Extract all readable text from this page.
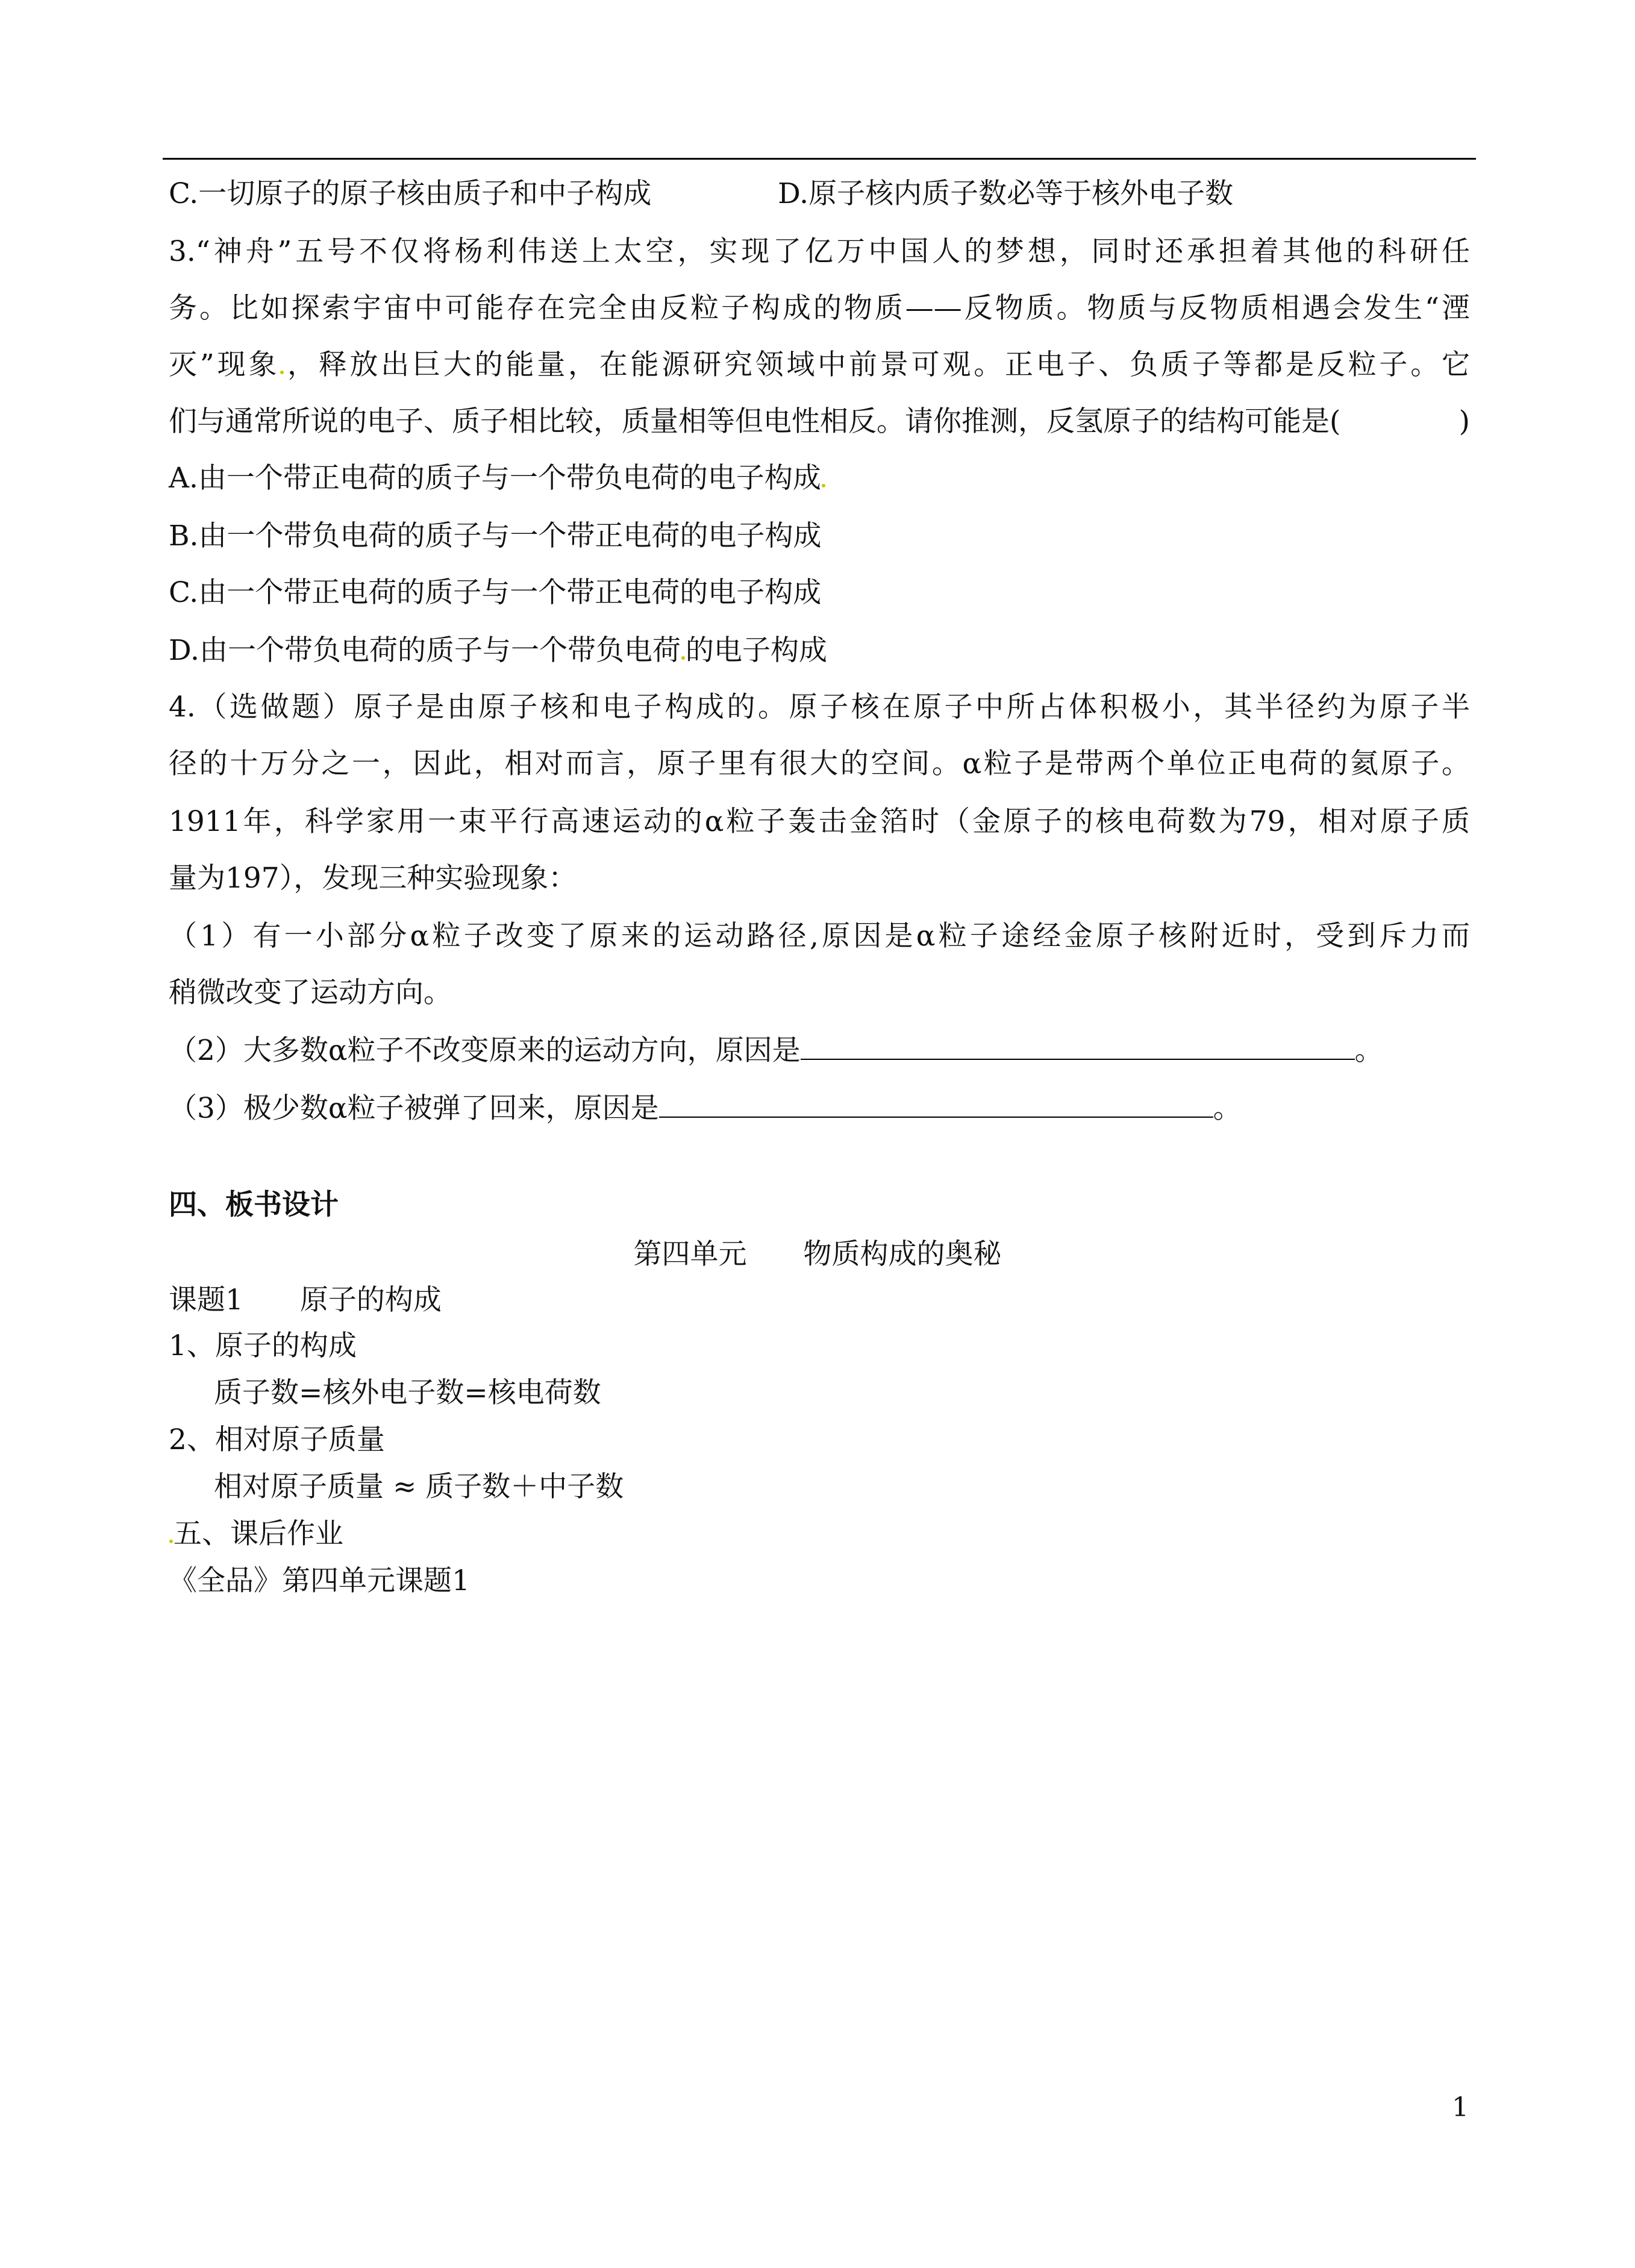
C.一切原子的原子核由质子和中子构成	D.原子核内质子数必等于核外电子数
3.“神舟”五号不仅将杨利伟送上太空，实现了亿万中国人的梦想，同时还承担着其他的科研任
务。比如探索宇宙中可能存在完全由反粒子构成的物质——反物质。物质与反物质相遇会发生“湮
灭”现象 ，释放出巨大的能量，在能源研究领域中前景可观。正电子、负质子等都是反粒子。它
们与通常所说的电子、质子相比较，质量相等但电性相反。请你推测，反氢原子的结构可能是(	)
A.由一个带正电荷的质子与一个带负电荷的电子构成
B.由一个带负电荷的质子与一个带正电荷的电子构成
C.由一个带正电荷的质子与一个带正电荷的电子构成
D.由一个带负电荷的质子与一个带负电荷 的电子构成
4.（选做题）原子是由原子核和电子构成的。原子核在原子中所占体积极小，其半径约为原子半
径的十万分之一，因此，相对而言，原子里有很大的空间。α粒子是带两个单位正电荷的氦原子。
1911年，科学家用一束平行高速运动的α粒子轰击金箔时（金原子的核电荷数为79，相对原子质
量为197），发现三种实验现象：
（1）有一小部分α粒子改变了原来的运动路径,原因是α粒子途经金原子核附近时，受到斥力而
稍微改变了运动方向。
（2）大多数α粒子不改变原来的运动方向，原因是	。
（3）极少数α粒子被弹了回来，原因是	。
四、板书设计
第四单元　　物质构成的奥秘
课题1　　原子的构成
1、原子的构成
质子数=核外电子数=核电荷数
2、相对原子质量
相对原子质量 ≈ 质子数＋中子数
五、课后作业
《全品》第四单元课题1
1
